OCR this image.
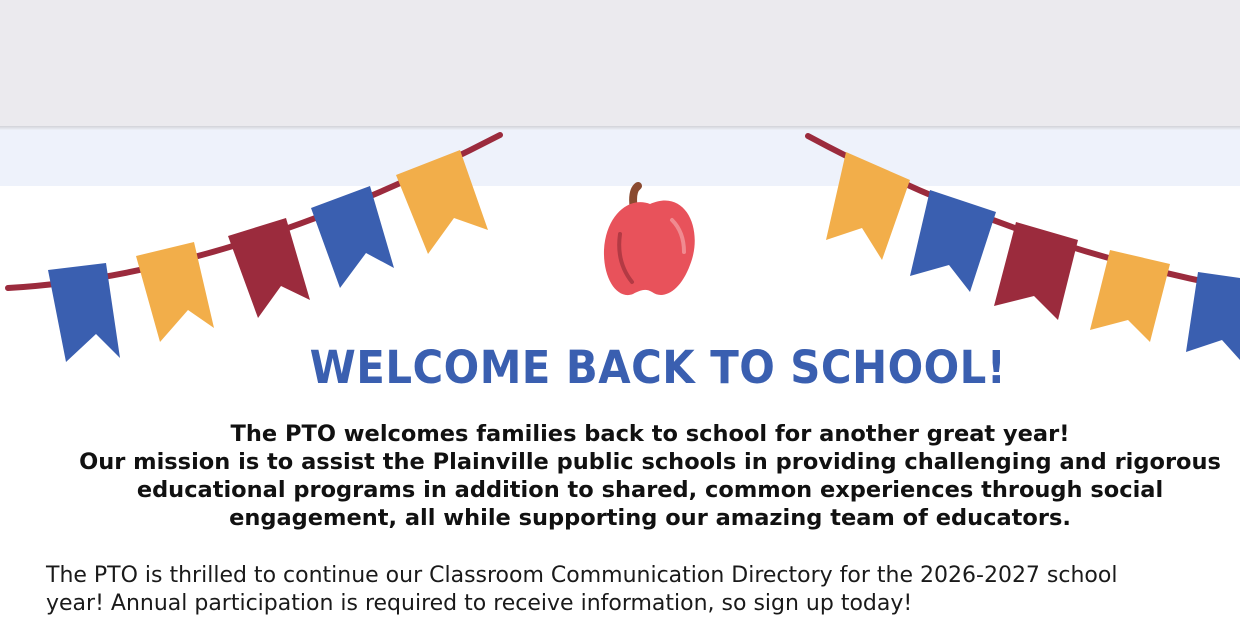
WELCOME BACK TO SCHOOL!
The PTO welcomes families back to school for another great year!
Our mission is to assist the Plainville public schools in providing challenging and rigorous
educational programs in addition to shared, common experiences through social
engagement, all while supporting our amazing team of educators.
The PTO is thrilled to continue our Classroom Communication Directory for the 2026-2027 school
year! Annual participation is required to receive information, so sign up today!
